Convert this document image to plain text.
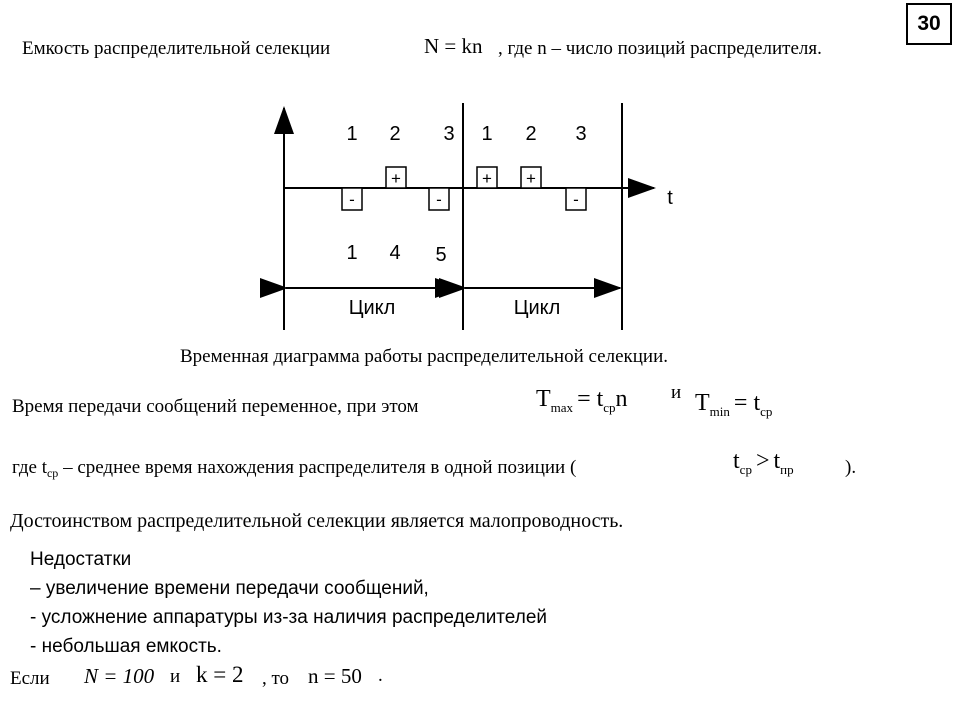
30
Емкость распределительной селекции	N = kn , где n – число позиций распределителя.
+	+ +
-	-	-
1 2 3 1 2 3
1 4 5
t
Цикл	Цикл
Временная диаграмма работы распределительной селекции.
Время передачи сообщений переменное, при этом	$T_{max} = t_{ср}n$ и $T_{min} = t_{ср}$
где $t_{ср}$ – среднее время нахождения распределителя в одной позиции (	$t_{ср} > t_{пр}$	).
Достоинством распределительной селекции является малопроводность.
Недостатки
– увеличение времени передачи сообщений,
- усложнение аппаратуры из-за наличия распределителей
- небольшая емкость.
Если N = 100 и k = 2 , то n = 50 .
